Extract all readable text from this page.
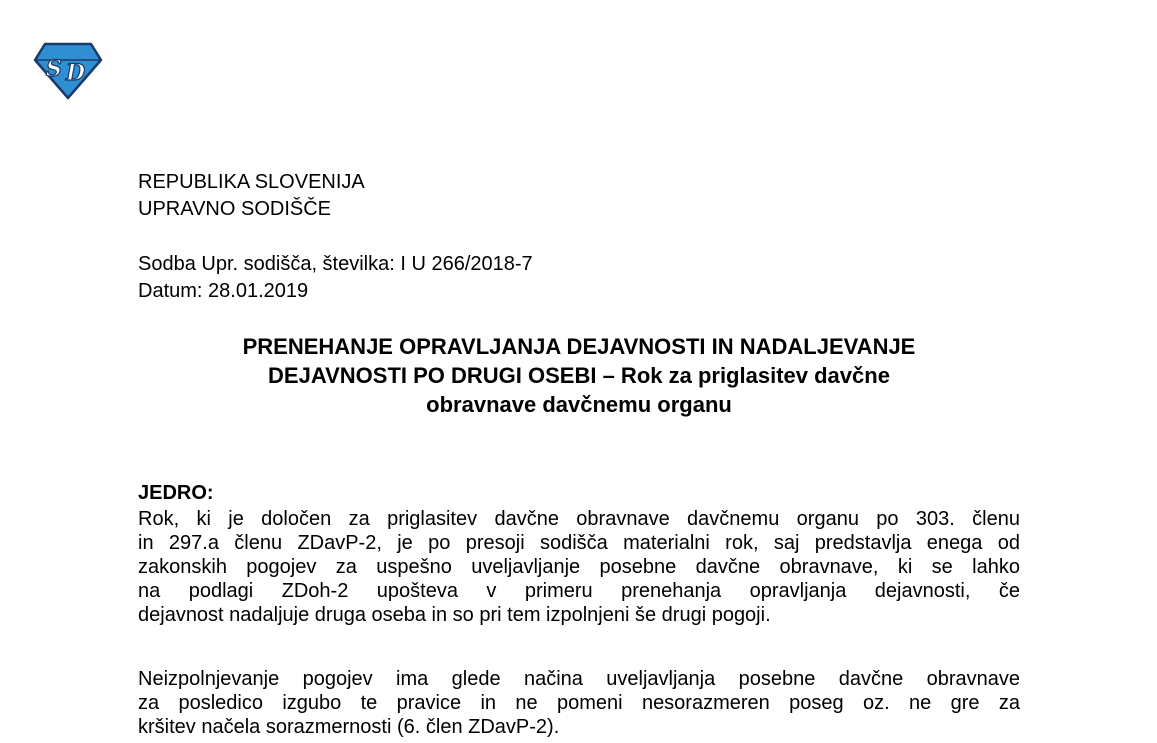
S D
REPUBLIKA SLOVENIJA
UPRAVNO SODIŠČE
Sodba Upr. sodišča, številka: I U 266/2018-7
Datum: 28.01.2019
PRENEHANJE OPRAVLJANJA DEJAVNOSTI IN NADALJEVANJE
DEJAVNOSTI PO DRUGI OSEBI – Rok za priglasitev davčne
obravnave davčnemu organu
JEDRO:
Rok, ki je določen za priglasitev davčne obravnave davčnemu organu po 303. členu
in 297.a členu ZDavP-2, je po presoji sodišča materialni rok, saj predstavlja enega od
zakonskih pogojev za uspešno uveljavljanje posebne davčne obravnave, ki se lahko
na podlagi ZDoh-2 upošteva v primeru prenehanja opravljanja dejavnosti, če
dejavnost nadaljuje druga oseba in so pri tem izpolnjeni še drugi pogoji.
Neizpolnjevanje pogojev ima glede načina uveljavljanja posebne davčne obravnave
za posledico izgubo te pravice in ne pomeni nesorazmeren poseg oz. ne gre za
kršitev načela sorazmernosti (6. člen ZDavP-2).
